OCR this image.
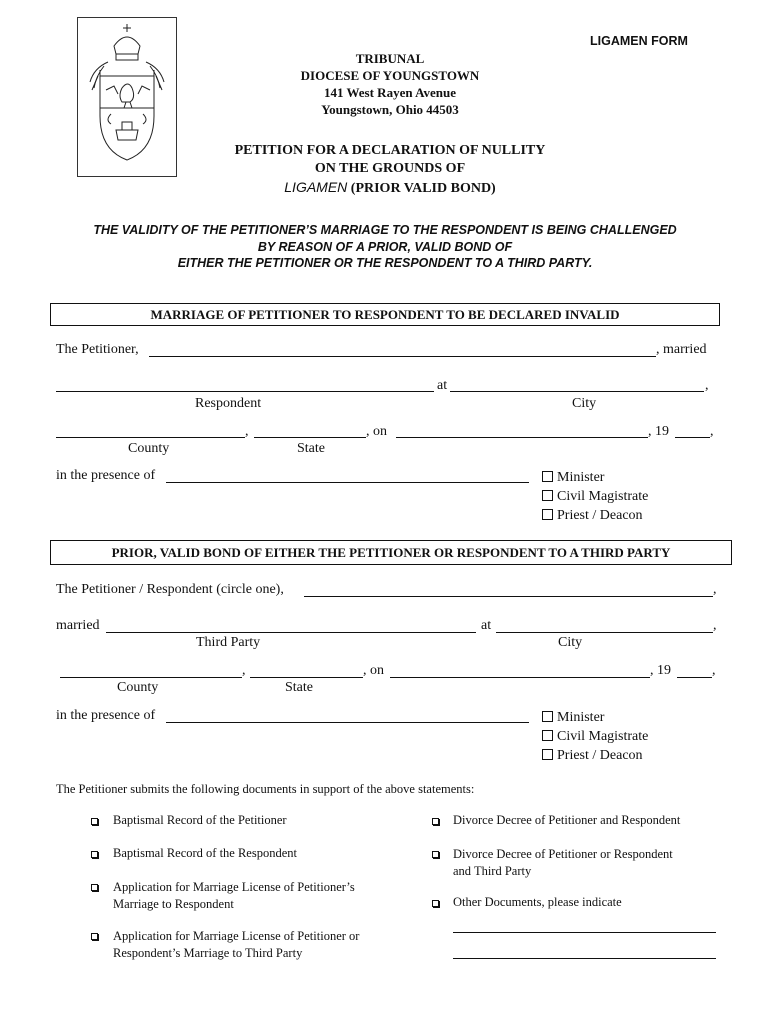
LIGAMEN FORM
TRIBUNAL
DIOCESE OF YOUNGSTOWN
141 West Rayen Avenue
Youngstown, Ohio 44503
PETITION FOR A DECLARATION OF NULLITY
ON THE GROUNDS OF
LIGAMEN (PRIOR VALID BOND)
THE VALIDITY OF THE PETITIONER’S MARRIAGE TO THE RESPONDENT IS BEING CHALLENGED
BY REASON OF A PRIOR, VALID BOND OF
EITHER THE PETITIONER OR THE RESPONDENT TO A THIRD PARTY.
MARRIAGE OF PETITIONER TO RESPONDENT TO BE DECLARED INVALID
The Petitioner,	, married
at	,
Respondent	City
,	, on	, 19	,
County	State
in the presence of	Minister
Civil Magistrate
Priest / Deacon
PRIOR, VALID BOND OF EITHER THE PETITIONER OR RESPONDENT TO A THIRD PARTY
The Petitioner / Respondent (circle one),	,
married	at	,
Third Party	City
,	, on	, 19	,
County	State
in the presence of	Minister
Civil Magistrate
Priest / Deacon
The Petitioner submits the following documents in support of the above statements:
Baptismal Record of the Petitioner
Baptismal Record of the Respondent
Application for Marriage License of Petitioner’s
Marriage to Respondent
Application for Marriage License of Petitioner or
Respondent’s Marriage to Third Party
Divorce Decree of Petitioner and Respondent
Divorce Decree of Petitioner or Respondent
and Third Party
Other Documents, please indicate
